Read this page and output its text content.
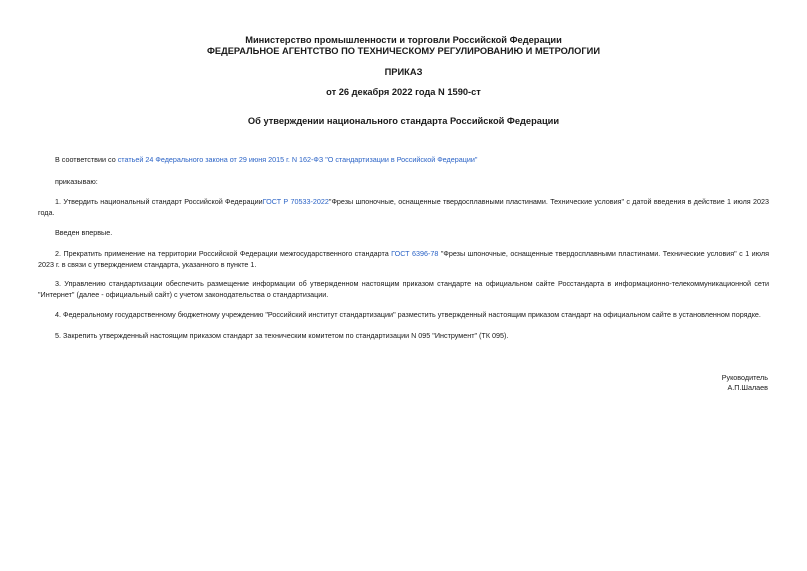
Министерство промышленности и торговли Российской Федерации
ФЕДЕРАЛЬНОЕ АГЕНТСТВО ПО ТЕХНИЧЕСКОМУ РЕГУЛИРОВАНИЮ И МЕТРОЛОГИИ
ПРИКАЗ
от 26 декабря 2022 года N 1590-ст
Об утверждении национального стандарта Российской Федерации
В соответствии со статьей 24 Федерального закона от 29 июня 2015 г. N 162-ФЗ "О стандартизации в Российской Федерации"
приказываю:
1. Утвердить национальный стандарт Российской ФедерацииГОСТ Р 70533-2022"Фрезы шпоночные, оснащенные твердосплавными пластинами. Технические условия" с датой введения в действие 1 июля 2023 года.
Введен впервые.
2. Прекратить применение на территории Российской Федерации межгосударственного стандарта ГОСТ 6396-78 "Фрезы шпоночные, оснащенные твердосплавными пластинами. Технические условия" с 1 июля 2023 г. в связи с утверждением стандарта, указанного в пункте 1.
3. Управлению стандартизации обеспечить размещение информации об утвержденном настоящим приказом стандарте на официальном сайте Росстандарта в информационно-телекоммуникационной сети "Интернет" (далее - официальный сайт) с учетом законодательства о стандартизации.
4. Федеральному государственному бюджетному учреждению "Российский институт стандартизации" разместить утвержденный настоящим приказом стандарт на официальном сайте в установленном порядке.
5. Закрепить утвержденный настоящим приказом стандарт за техническим комитетом по стандартизации N 095 "Инструмент" (ТК 095).
Руководитель
А.П.Шалаев
